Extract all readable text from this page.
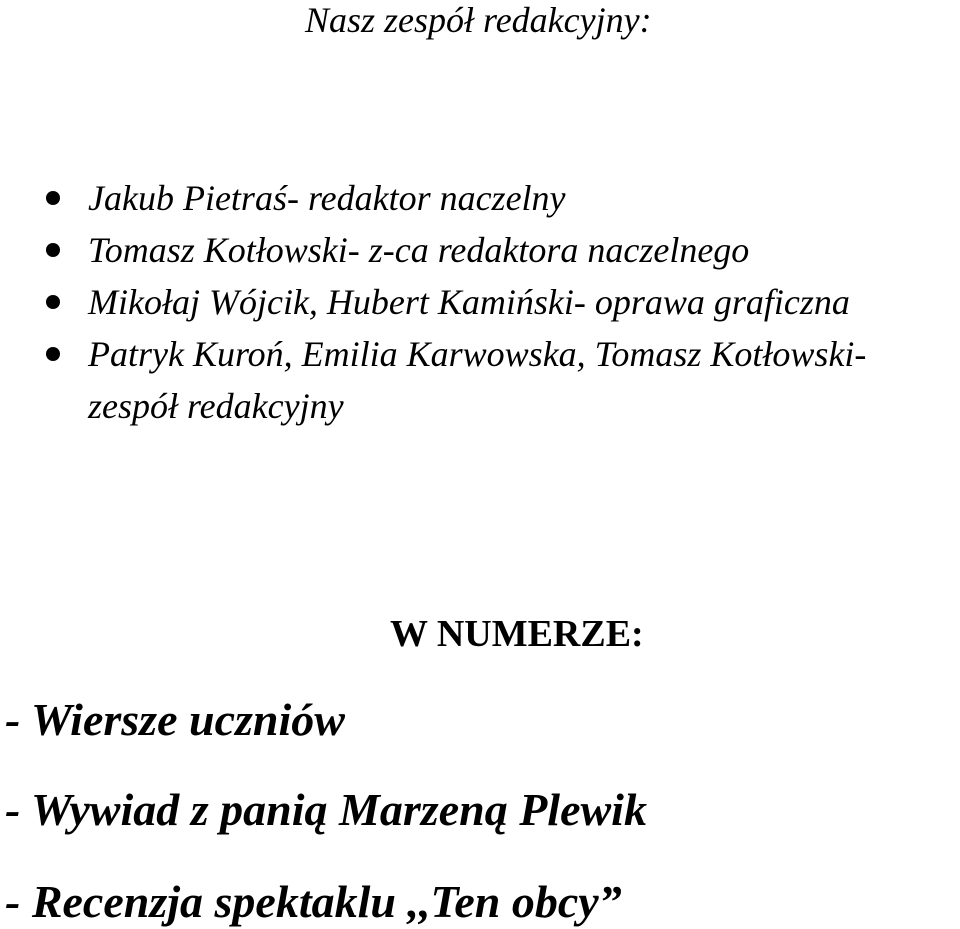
Nasz zespół redakcyjny:
Jakub Pietraś- redaktor naczelny
Tomasz Kotłowski- z-ca redaktora naczelnego
Mikołaj Wójcik, Hubert Kamiński- oprawa graficzna
Patryk Kuroń, Emilia Karwowska, Tomasz Kotłowski- zespół redakcyjny
W NUMERZE:
- Wiersze uczniów
- Wywiad z panią Marzeną Plewik
- Recenzja spektaklu ,,Ten obcy”
